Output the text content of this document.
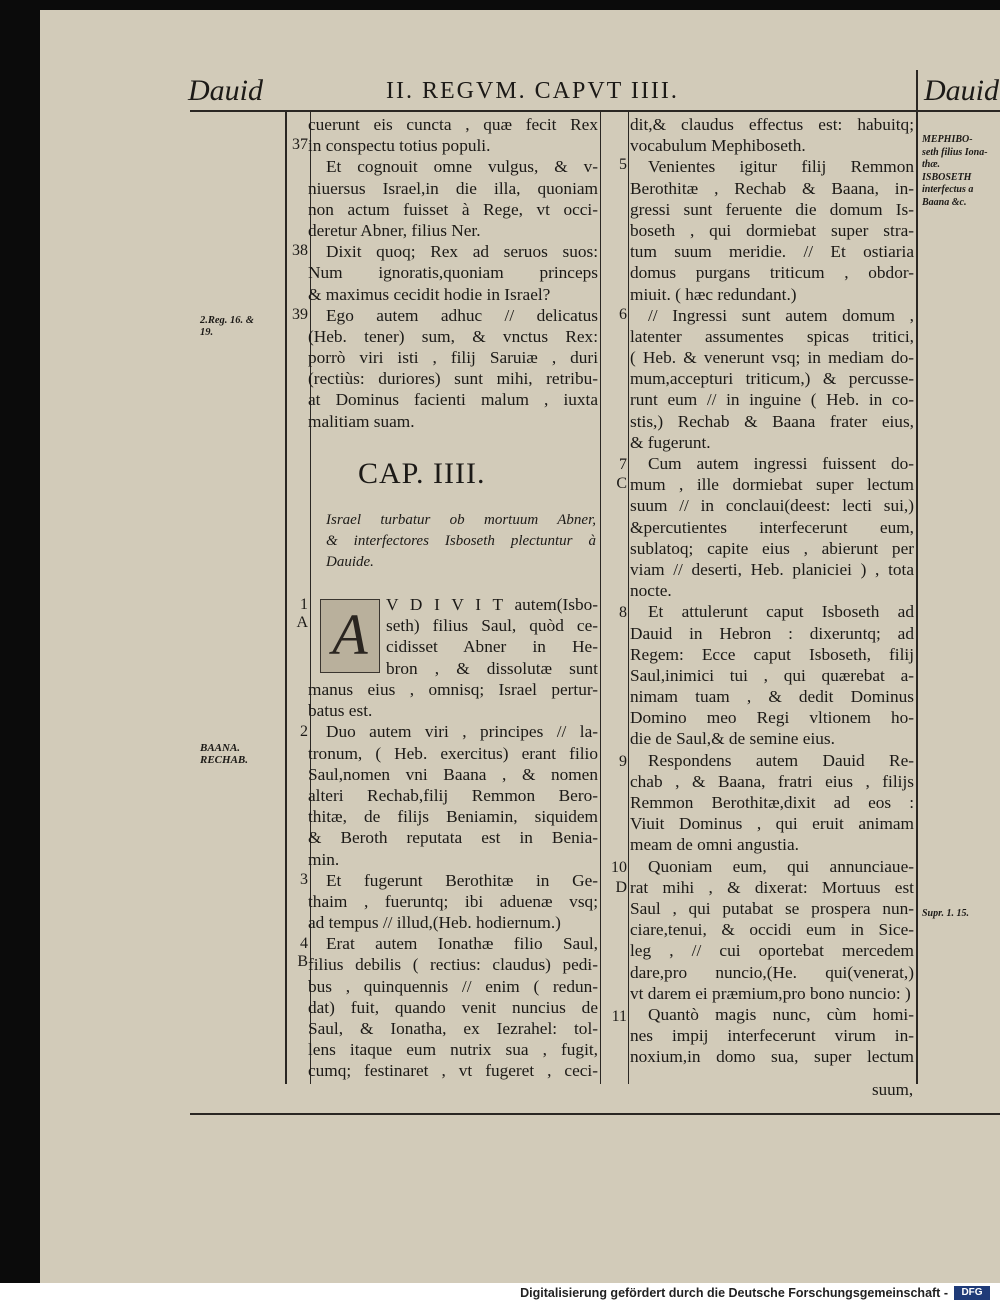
Dauid	II. REGVM. CAPVT IIII.	Dauid
cuerunt eis cuncta , quæ fecit Rex
in conspectu totius populi.
Et cognouit omne vulgus, & v-
niuersus Israel,in die illa, quoniam
non actum fuisset à Rege, vt occi-
deretur Abner, filius Ner.
Dixit quoq; Rex ad seruos suos:
Num ignoratis,quoniam princeps
& maximus cecidit hodie in Israel?
Ego autem adhuc // delicatus
(Heb. tener) sum, & vnctus Rex:
porrò viri isti , filij Saruiæ , duri
(rectiùs: duriores) sunt mihi, retribu-
at Dominus facienti malum , iuxta
malitiam suam.
CAP. IIII.
Israel turbatur ob mortuum Abner,
& interfectores Isboseth plectuntur à
Dauide.
A	V D I V I T autem(Isbo-
seth) filius Saul, quòd ce-
cidisset Abner in He-
bron , & dissolutæ sunt
manus eius , omnisq; Israel pertur-
batus est.
Duo autem viri , principes // la-
tronum, ( Heb. exercitus) erant filio
Saul,nomen vni Baana , & nomen
alteri Rechab,filij Remmon Bero-
thitæ, de filijs Beniamin, siquidem
& Beroth reputata est in Benia-
min.
Et fugerunt Berothitæ in Ge-
thaim , fueruntq; ibi aduenæ vsq;
ad tempus // illud,(Heb. hodiernum.)
Erat autem Ionathæ filio Saul,
filius debilis ( rectius: claudus) pedi-
bus , quinquennis // enim ( redun-
dat) fuit, quando venit nuncius de
Saul, & Ionatha, ex Iezrahel: tol-
lens itaque eum nutrix sua , fugit,
cumq; festinaret , vt fugeret , ceci-
37
38
39
1
A
2
3
4
B
2.Reg. 16. &
19.
BAANA.
RECHAB.
dit,& claudus effectus est: habuitq;
vocabulum Mephiboseth.
Venientes igitur filij Remmon
Berothitæ , Rechab & Baana, in-
gressi sunt feruente die domum Is-
boseth , qui dormiebat super stra-
tum suum meridie. // Et ostiaria
domus purgans triticum , obdor-
miuit. ( hæc redundant.)
// Ingressi sunt autem domum ,
latenter assumentes spicas tritici,
( Heb. & venerunt vsq; in mediam do-
mum,accepturi triticum,) & percusse-
runt eum // in inguine ( Heb. in co-
stis,) Rechab & Baana frater eius,
& fugerunt.
Cum autem ingressi fuissent do-
mum , ille dormiebat super lectum
suum // in conclaui(deest: lecti sui,)
&percutientes interfecerunt eum,
sublatoq; capite eius , abierunt per
viam // deserti, Heb. planiciei ) , tota
nocte.
Et attulerunt caput Isboseth ad
Dauid in Hebron : dixeruntq; ad
Regem: Ecce caput Isboseth, filij
Saul,inimici tui , qui quærebat a-
nimam tuam , & dedit Dominus
Domino meo Regi vltionem ho-
die de Saul,& de semine eius.
Respondens autem Dauid Re-
chab , & Baana, fratri eius , filijs
Remmon Berothitæ,dixit ad eos :
Viuit Dominus , qui eruit animam
meam de omni angustia.
Quoniam eum, qui annunciaue-
rat mihi , & dixerat: Mortuus est
Saul , qui putabat se prospera nun-
ciare,tenui, & occidi eum in Sice-
leg , // cui oportebat mercedem
dare,pro nuncio,(He. qui(venerat,)
vt darem ei præmium,pro bono nuncio: )
Quantò magis nunc, cùm homi-
nes impij interfecerunt virum in-
noxium,in domo sua, super lectum
5
6
7
C
8
9
10
D
11
suum,
MEPHIBO-
seth filius Iona-
thæ.
ISBOSETH
interfectus a
Baana &c.
Supr. 1. 15.
Digitalisierung gefördert durch die Deutsche Forschungsgemeinschaft -	DFG
